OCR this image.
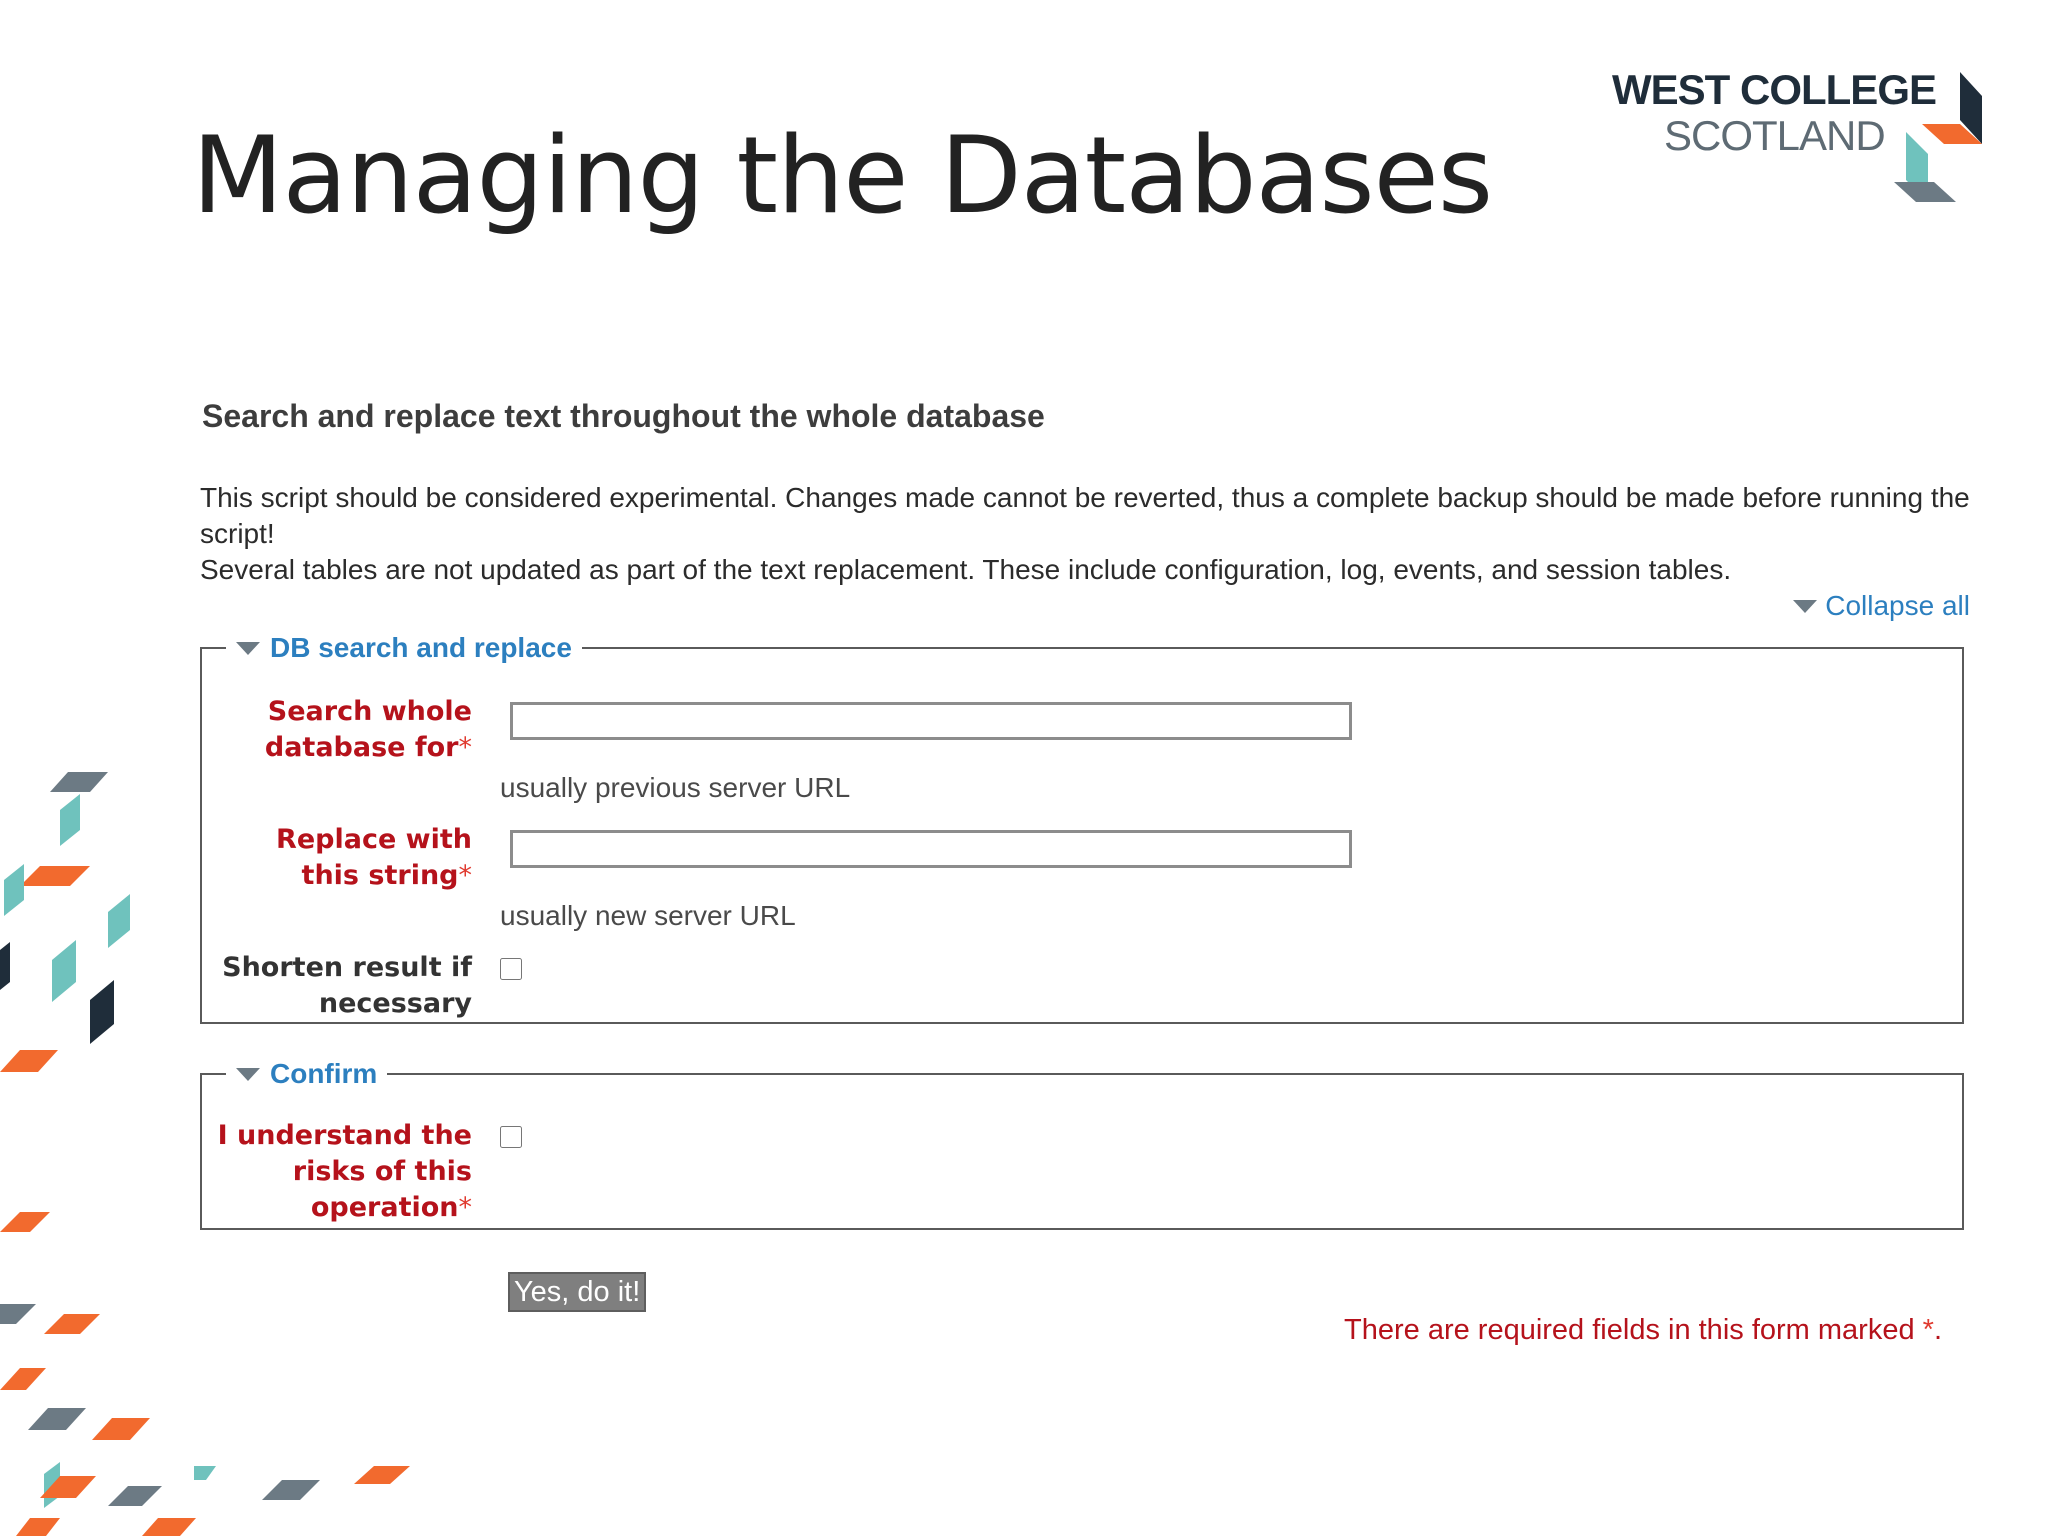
Managing the Databases
WEST COLLEGE
SCOTLAND
Search and replace text throughout the whole database

This script should be considered experimental. Changes made cannot be reverted, thus a complete backup should be made before running the script!

Several tables are not updated as part of the text replacement. These include configuration, log, events, and session tables.

Collapse all
DB search and replace
Search whole database for*
usually previous server URL
Replace with this string*
usually new server URL
Shorten result if necessary
Confirm
I understand the risks of this operation*
Yes, do it!
There are required fields in this form marked *.
